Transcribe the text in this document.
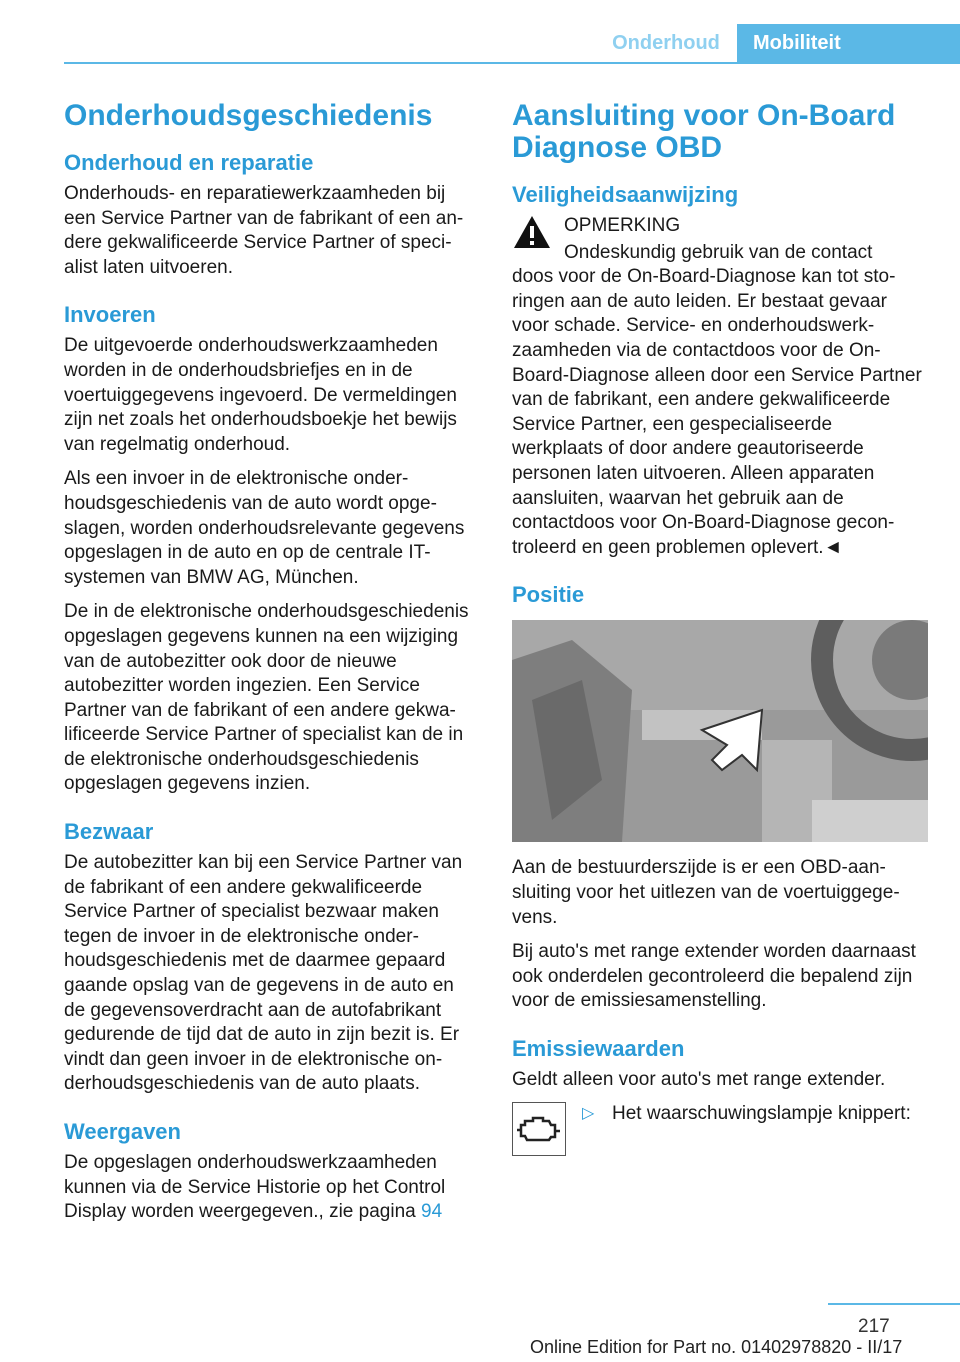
Onderhoud	Mobiliteit
Onderhoudsgeschiedenis
Onderhoud en reparatie

Onderhouds- en reparatiewerkzaamheden bij een Service Partner van de fabrikant of een andere gekwalificeerde Service Partner of specialist laten uitvoeren.

Invoeren

De uitgevoerde onderhoudswerkzaamheden worden in de onderhoudsbriefjes en in de voertuiggegevens ingevoerd. De vermeldingen zijn net zoals het onderhoudsboekje het bewijs van regelmatig onderhoud.

Als een invoer in de elektronische onderhoudsgeschiedenis van de auto wordt opgeslagen, worden onderhoudsrelevante gegevens opgeslagen in de auto en op de centrale IT-systemen van BMW AG, München.

De in de elektronische onderhoudsgeschiedenis opgeslagen gegevens kunnen na een wijziging van de autobezitter ook door de nieuwe autobezitter worden ingezien. Een Service Partner van de fabrikant of een andere gekwalificeerde Service Partner of specialist kan de in de elektronische onderhoudsgeschiedenis opgeslagen gegevens inzien.

Bezwaar

De autobezitter kan bij een Service Partner van de fabrikant of een andere gekwalificeerde Service Partner of specialist bezwaar maken tegen de invoer in de elektronische onderhoudsgeschiedenis met de daarmee gepaard gaande opslag van de gegevens in de auto en de gegevensoverdracht aan de autofabrikant gedurende de tijd dat de auto in zijn bezit is. Er vindt dan geen invoer in de elektronische onderhoudsgeschiedenis van de auto plaats.

Weergaven

De opgeslagen onderhoudswerkzaamheden kunnen via de Service Historie op het Control Display worden weergegeven., zie pagina 94

Aansluiting voor On-Board Diagnose OBD
Veiligheidsaanwijzing

OPMERKING

Ondeskundig gebruik van de contact

doos voor de On-Board-Diagnose kan tot storingen aan de auto leiden. Er bestaat gevaar voor schade. Service- en onderhoudswerkzaamheden via de contactdoos voor de On-Board-Diagnose alleen door een Service Partner van de fabrikant, een andere gekwalificeerde Service Partner, een gespecialiseerde werkplaats of door andere geautoriseerde personen laten uitvoeren. Alleen apparaten aansluiten, waarvan het gebruik aan de contactdoos voor On-Board-Diagnose gecontroleerd en geen problemen oplevert.◄

Positie

Aan de bestuurderszijde is er een OBD-aansluiting voor het uitlezen van de voertuiggegevens.

Bij auto's met range extender worden daarnaast ook onderdelen gecontroleerd die bepalend zijn voor de emissiesamenstelling.

Emissiewaarden

Geldt alleen voor auto's met range extender.

▷ Het waarschuwingslampje knippert:
217
Online Edition for Part no. 01402978820 - II/17
